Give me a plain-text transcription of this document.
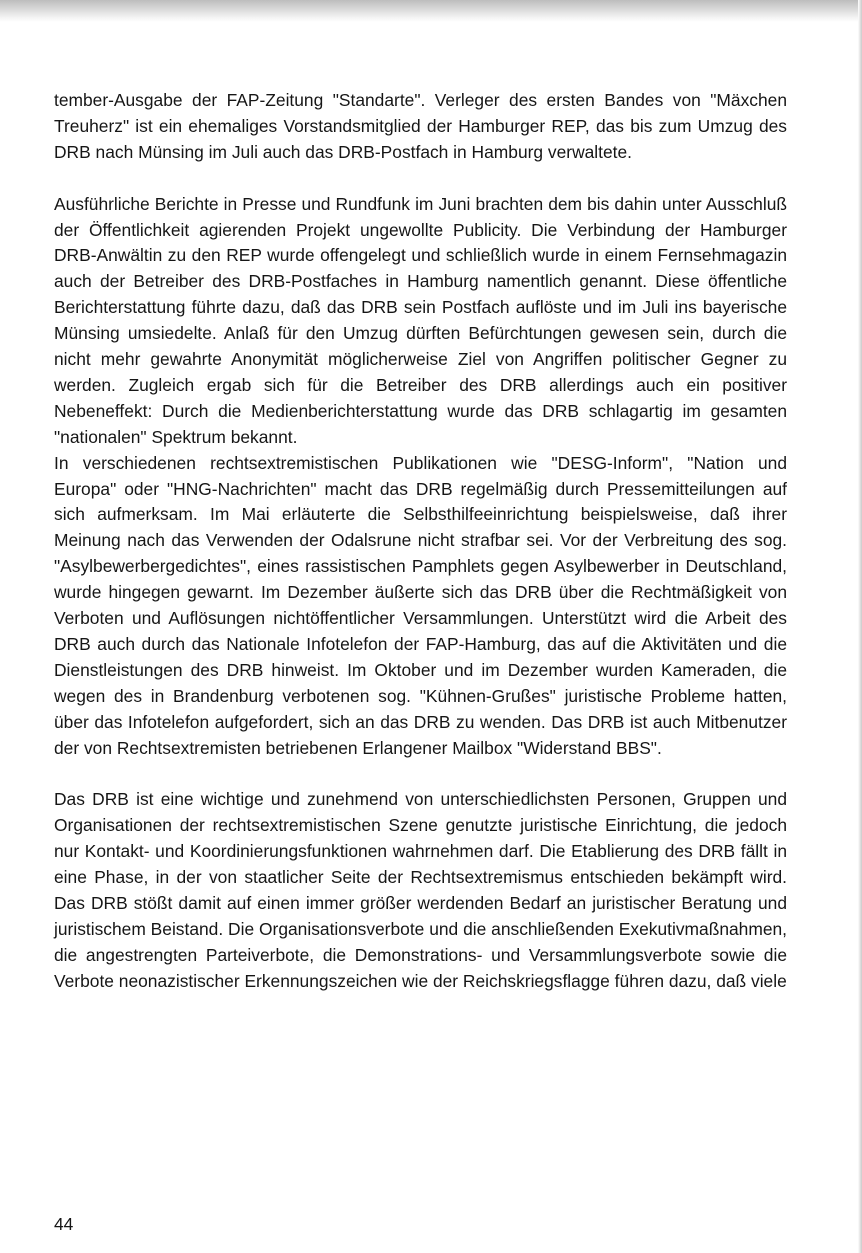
tember-Ausgabe der FAP-Zeitung "Standarte". Verleger des ersten Bandes von "Mäxchen Treuherz" ist ein ehemaliges Vorstandsmitglied der Hamburger REP, das bis zum Umzug des DRB nach Münsing im Juli auch das DRB-Postfach in Hamburg verwaltete.

Ausführliche Berichte in Presse und Rundfunk im Juni brachten dem bis dahin unter Ausschluß der Öffentlichkeit agierenden Projekt ungewollte Publicity. Die Verbindung der Hamburger DRB-Anwältin zu den REP wurde offengelegt und schließlich wurde in einem Fernsehmagazin auch der Betreiber des DRB-Postfaches in Hamburg namentlich genannt. Diese öffentliche Berichterstattung führte dazu, daß das DRB sein Postfach auflöste und im Juli ins bayerische Münsing umsiedelte. Anlaß für den Umzug dürften Befürchtungen gewesen sein, durch die nicht mehr gewahrte Anonymität möglicherweise Ziel von Angriffen politischer Gegner zu werden. Zugleich ergab sich für die Betreiber des DRB allerdings auch ein positiver Nebeneffekt: Durch die Medienberichterstattung wurde das DRB schlagartig im gesamten "nationalen" Spektrum bekannt.

In verschiedenen rechtsextremistischen Publikationen wie "DESG-Inform", "Nation und Europa" oder "HNG-Nachrichten" macht das DRB regelmäßig durch Pressemitteilungen auf sich aufmerksam. Im Mai erläuterte die Selbsthilfeeinrichtung beispielsweise, daß ihrer Meinung nach das Verwenden der Odalsrune nicht strafbar sei. Vor der Verbreitung des sog. "Asylbewerbergedichtes", eines rassistischen Pamphlets gegen Asylbewerber in Deutschland, wurde hingegen gewarnt. Im Dezember äußerte sich das DRB über die Rechtmäßigkeit von Verboten und Auflösungen nichtöffentlicher Versammlungen. Unterstützt wird die Arbeit des DRB auch durch das Nationale Infotelefon der FAP-Hamburg, das auf die Aktivitäten und die Dienstleistungen des DRB hinweist. Im Oktober und im Dezember wurden Kameraden, die wegen des in Brandenburg verbotenen sog. "Kühnen-Grußes" juristische Probleme hatten, über das Infotelefon aufgefordert, sich an das DRB zu wenden. Das DRB ist auch Mitbenutzer der von Rechtsextremisten betriebenen Erlangener Mailbox "Widerstand BBS".

Das DRB ist eine wichtige und zunehmend von unterschiedlichsten Personen, Gruppen und Organisationen der rechtsextremistischen Szene genutzte juristische Einrichtung, die jedoch nur Kontakt- und Koordinierungsfunktionen wahrnehmen darf. Die Etablierung des DRB fällt in eine Phase, in der von staatlicher Seite der Rechtsextremismus entschieden bekämpft wird. Das DRB stößt damit auf einen immer größer werdenden Bedarf an juristischer Beratung und juristischem Beistand. Die Organisationsverbote und die anschließenden Exekutivmaßnahmen, die angestrengten Parteiverbote, die Demonstrations- und Versammlungsverbote sowie die Verbote neonazistischer Erkennungszeichen wie der Reichskriegsflagge führen dazu, daß viele

44
